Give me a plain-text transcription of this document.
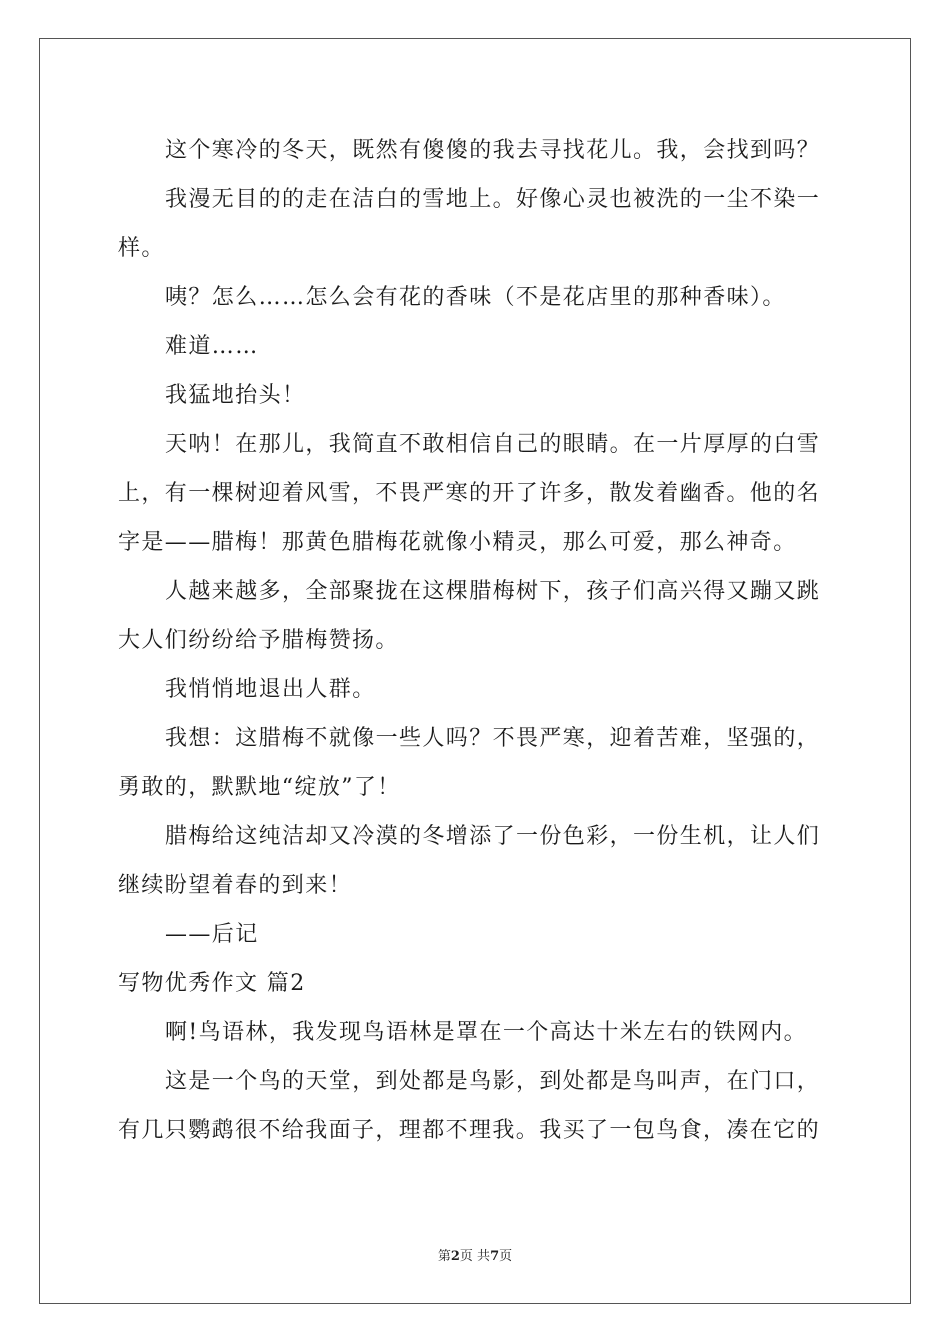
这个寒冷的冬天，既然有傻傻的我去寻找花儿。我，会找到吗？

我漫无目的的走在洁白的雪地上。好像心灵也被洗的一尘不染一样。

咦？怎么……怎么会有花的香味（不是花店里的那种香味）。

难道……

我猛地抬头！

天呐！在那儿，我简直不敢相信自己的眼睛。在一片厚厚的白雪上，有一棵树迎着风雪，不畏严寒的开了许多，散发着幽香。他的名字是——腊梅！那黄色腊梅花就像小精灵，那么可爱，那么神奇。

人越来越多，全部聚拢在这棵腊梅树下，孩子们高兴得又蹦又跳大人们纷纷给予腊梅赞扬。

我悄悄地退出人群。

我想：这腊梅不就像一些人吗？不畏严寒，迎着苦难，坚强的，勇敢的，默默地“绽放”了！

腊梅给这纯洁却又冷漠的冬增添了一份色彩，一份生机，让人们继续盼望着春的到来！

——后记

写物优秀作文 篇2

啊!鸟语林，我发现鸟语林是罩在一个高达十米左右的铁网内。

这是一个鸟的天堂，到处都是鸟影，到处都是鸟叫声，在门口，有几只鹦鹉很不给我面子，理都不理我。我买了一包鸟食，凑在它的

第2页 共7页
